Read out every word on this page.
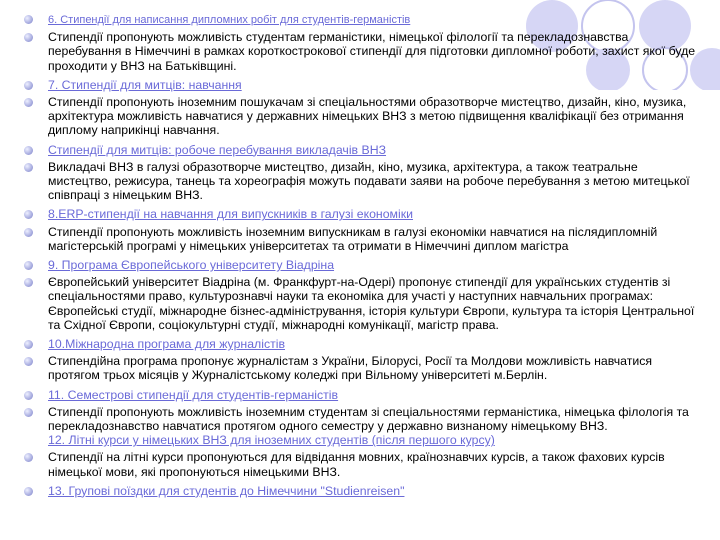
6. Стипендії для написання дипломних робіт для студентів-германістів
Стипендії пропонують можливість студентам германістики, німецької філології та перекладознавства перебування в Німеччині в рамках короткострокової стипендії для підготовки дипломної роботи, захист якої буде проходити у ВНЗ на Батьківщині.
7. Стипендії для митців: навчання
Стипендії пропонують іноземним пошукачам зі спеціальностями образотворче мистецтво, дизайн, кіно, музика, архітектура можливість навчатися у державних німецьких ВНЗ з метою підвищення кваліфікації без отримання диплому наприкінці навчання.
Стипендії для митців: робоче перебування викладачів ВНЗ
Викладачі ВНЗ в галузі образотворче мистецтво, дизайн, кіно, музика, архітектура, а також театральне мистецтво, режисура, танець та хореографія можуть подавати заяви на робоче перебування з метою митецької співпраці з німецьким ВНЗ.
8.ERP-стипендії на навчання для випускників в галузі економіки
Стипендії пропонують можливість іноземним випускникам в галузі економіки навчатися на післядипломній магістерській програмі у німецьких університетах та отримати в Німеччині диплом магістра
9. Програма Європейського університету Віадріна
Європейський університет Віадріна (м. Франкфурт-на-Одері) пропонує стипендії для українських студентів зі спеціальностями право, культурознавчі науки та економіка для участі у наступних навчальних програмах: Європейські студії, міжнародне бізнес-адміністрування, історія культури Європи, культура та історія Центральної та Східної Європи, соціокультурні студії, міжнародні комунікації, магістр права.
10.Міжнародна програма для журналістів
Стипендійна програма пропонує журналістам з України, Білорусі, Росії та Молдови можливість навчатися протягом трьох місяців у Журналістському коледжі при Вільному університеті м.Берлін.
11. Семестрові стипендії для студентів-германістів
Стипендії пропонують можливість іноземним студентам зі спеціальностями германістика, німецька філологія та перекладознавство навчатися протягом одного семестру у державно визнаному німецькому ВНЗ.
12. Літні курси у німецьких ВНЗ для іноземних студентів (після першого курсу)
Стипендії на літні курси пропонуються для відвідання мовних, країнознавчих курсів, а також фахових курсів німецької мови, які пропонуються німецькими ВНЗ.
13. Групові поїздки для студентів до Німеччини "Studienreisen"
